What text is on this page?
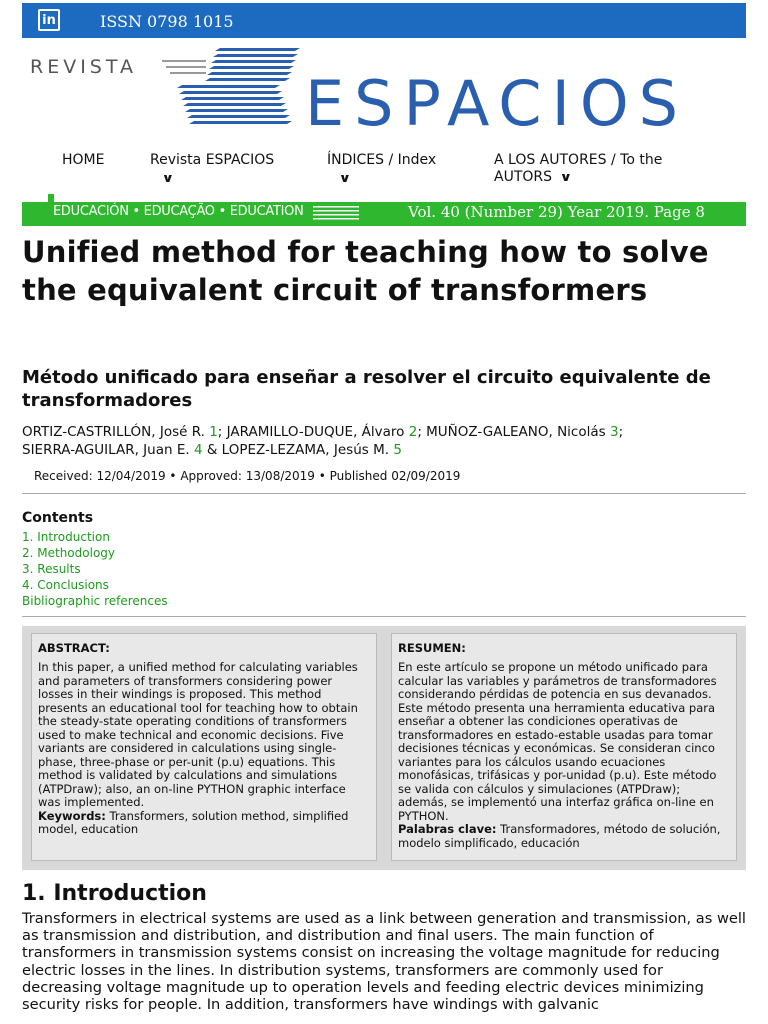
in	ISSN 0798 1015
REVISTA	ESPACIOS
HOME	Revista ESPACIOS
∨
ÍNDICES / Index
∨
A LOS AUTORES / To the AUTORS ∨
EDUCACIÓN • EDUCAÇÃO • EDUCATION	Vol. 40 (Number 29) Year 2019. Page 8
Unified method for teaching how to solve the equivalent circuit of transformers
Método unificado para enseñar a resolver el circuito equivalente de transformadores
ORTIZ-CASTRILLÓN, José R. 1; JARAMILLO-DUQUE, Álvaro 2; MUÑOZ-GALEANO, Nicolás 3;
SIERRA-AGUILAR, Juan E. 4 & LOPEZ-LEZAMA, Jesús M. 5
Received: 12/04/2019 • Approved: 13/08/2019 • Published 02/09/2019
Contents
1. Introduction
2. Methodology
3. Results
4. Conclusions
Bibliographic references
ABSTRACT:

In this paper, a unified method for calculating variables and parameters of transformers considering power losses in their windings is proposed. This method presents an educational tool for teaching how to obtain the steady-state operating conditions of transformers used to make technical and economic decisions. Five variants are considered in calculations using single-phase, three-phase or per-unit (p.u) equations. This method is validated by calculations and simulations (ATPDraw); also, an on-line PYTHON graphic interface was implemented.

Keywords: Transformers, solution method, simplified model, education

RESUMEN:

En este artículo se propone un método unificado para calcular las variables y parámetros de transformadores considerando pérdidas de potencia en sus devanados. Este método presenta una herramienta educativa para enseñar a obtener las condiciones operativas de transformadores en estado-estable usadas para tomar decisiones técnicas y económicas. Se consideran cinco variantes para los cálculos usando ecuaciones monofásicas, trifásicas y por-unidad (p.u). Este método se valida con cálculos y simulaciones (ATPDraw); además, se implementó una interfaz gráfica on-line en PYTHON.

Palabras clave: Transformadores, método de solución, modelo simplificado, educación

1. Introduction
Transformers in electrical systems are used as a link between generation and transmission, as well as transmission and distribution, and distribution and final users. The main function of transformers in transmission systems consist on increasing the voltage magnitude for reducing electric losses in the lines. In distribution systems, transformers are commonly used for decreasing voltage magnitude up to operation levels and feeding electric devices minimizing security risks for people. In addition, transformers have windings with galvanic
